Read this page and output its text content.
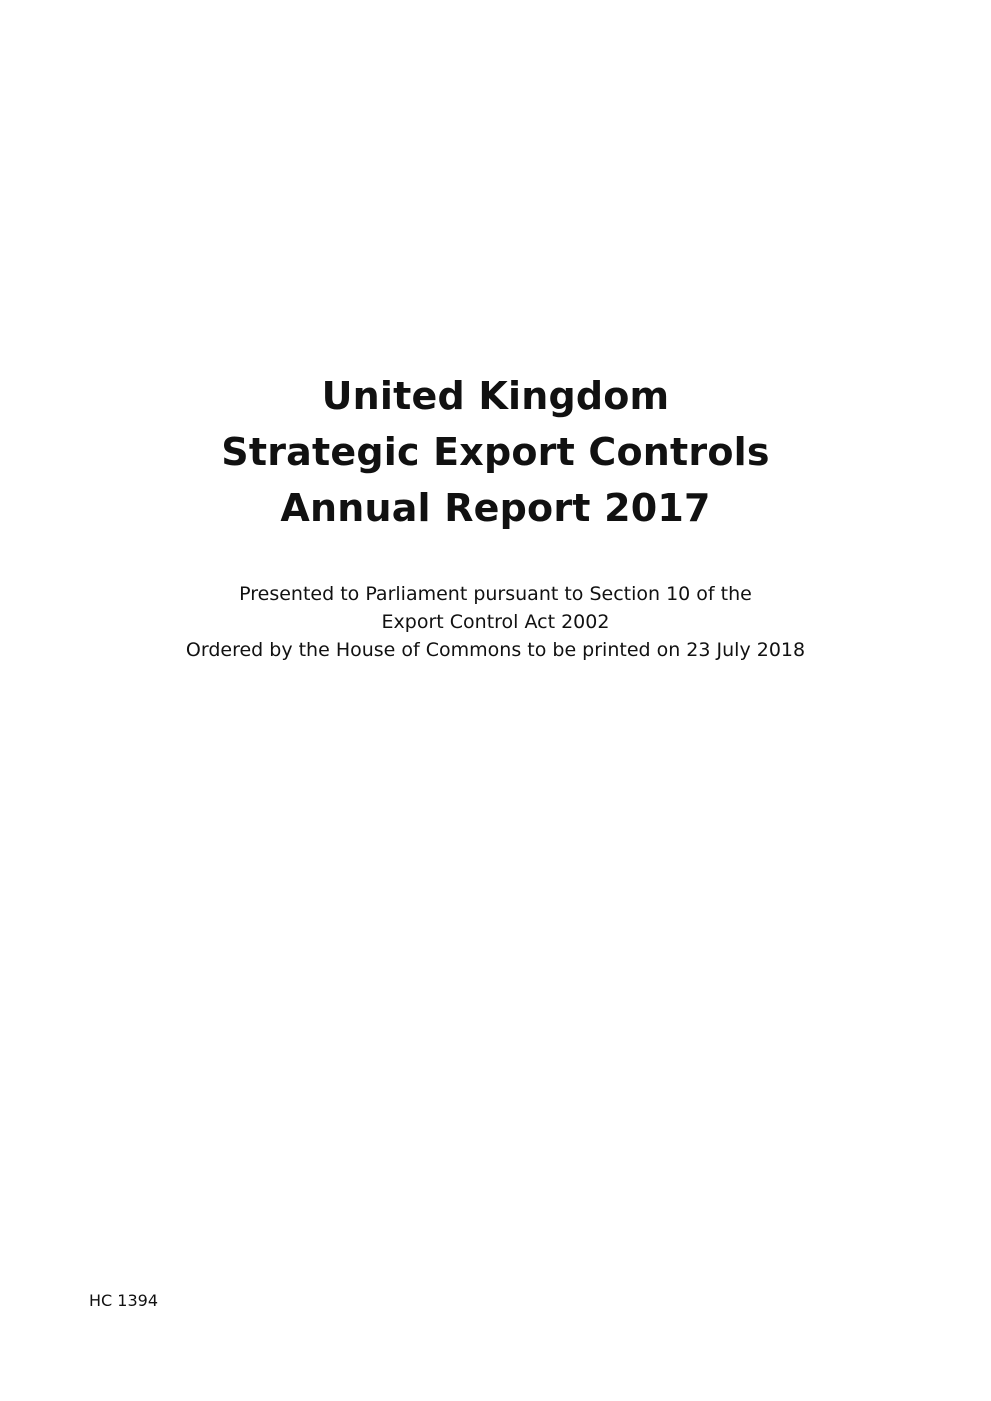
United Kingdom
Strategic Export Controls
Annual Report 2017
Presented to Parliament pursuant to Section 10 of the
Export Control Act 2002
Ordered by the House of Commons to be printed on 23 July 2018
HC 1394
